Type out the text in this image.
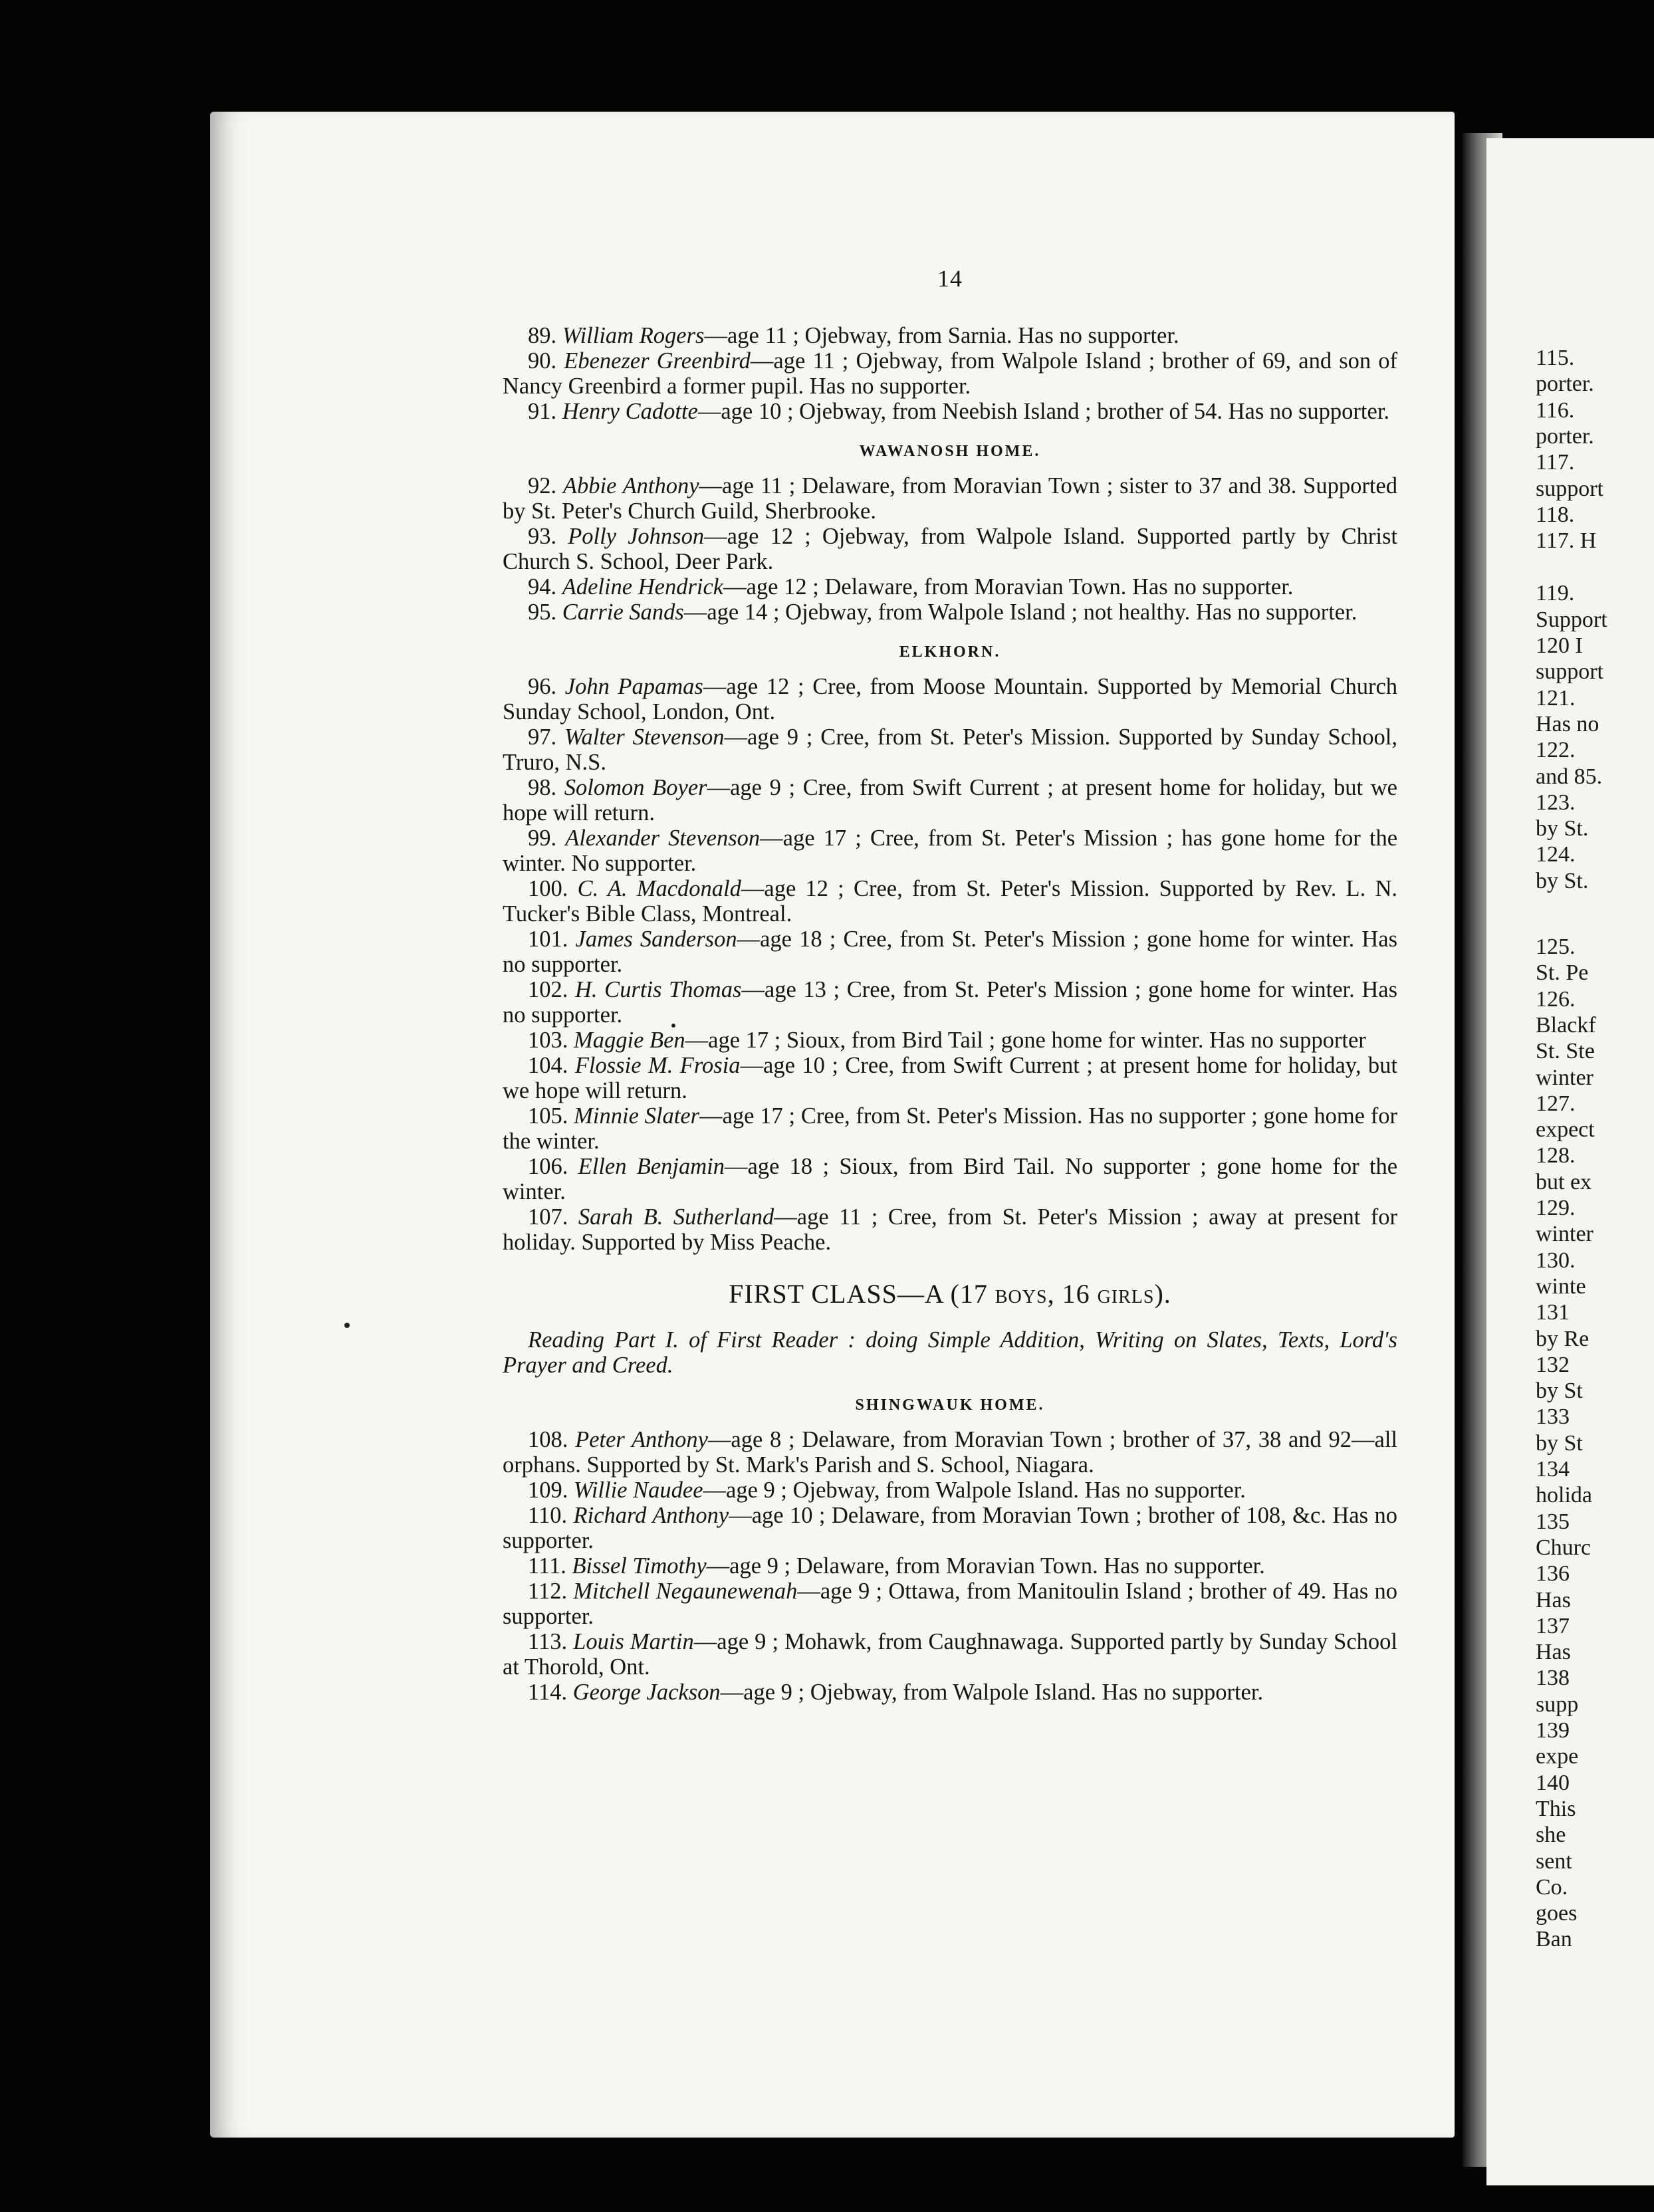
115.
porter.
116.
porter.
117.
support
118.
117. H
119.
Support
120 I
support
121.
Has no
122.
and 85.
123.
by St.
124.
by St.
125.
St. Pe
126.
Blackf
St. Ste
winter
127.
expect
128.
but ex
129.
winter
130.
winte
131
by Re
132
by St
133
by St
134
holida
135
Churc
136
Has
137
Has
138
supp
139
expe
140
This
she
sent
Co.
goes
Ban
14
89. William Rogers—age 11 ; Ojebway, from Sarnia. Has no supporter.
90. Ebenezer Greenbird—age 11 ; Ojebway, from Walpole Island ; brother of 69, and son of Nancy Greenbird a former pupil. Has no supporter.
91. Henry Cadotte—age 10 ; Ojebway, from Neebish Island ; brother of 54. Has no supporter.
WAWANOSH HOME.
92. Abbie Anthony—age 11 ; Delaware, from Moravian Town ; sister to 37 and 38. Supported by St. Peter's Church Guild, Sherbrooke.
93. Polly Johnson—age 12 ; Ojebway, from Walpole Island. Supported partly by Christ Church S. School, Deer Park.
94. Adeline Hendrick—age 12 ; Delaware, from Moravian Town. Has no supporter.
95. Carrie Sands—age 14 ; Ojebway, from Walpole Island ; not healthy. Has no supporter.
ELKHORN.
96. John Papamas—age 12 ; Cree, from Moose Mountain. Supported by Memorial Church Sunday School, London, Ont.
97. Walter Stevenson—age 9 ; Cree, from St. Peter's Mission. Supported by Sunday School, Truro, N.S.
98. Solomon Boyer—age 9 ; Cree, from Swift Current ; at present home for holiday, but we hope will return.
99. Alexander Stevenson—age 17 ; Cree, from St. Peter's Mission ; has gone home for the winter. No supporter.
100. C. A. Macdonald—age 12 ; Cree, from St. Peter's Mission. Supported by Rev. L. N. Tucker's Bible Class, Montreal.
101. James Sanderson—age 18 ; Cree, from St. Peter's Mission ; gone home for winter. Has no supporter.
102. H. Curtis Thomas—age 13 ; Cree, from St. Peter's Mission ; gone home for winter. Has no supporter.
103. Maggie Ben—age 17 ; Sioux, from Bird Tail ; gone home for winter. Has no supporter
104. Flossie M. Frosia—age 10 ; Cree, from Swift Current ; at present home for holiday, but we hope will return.
105. Minnie Slater—age 17 ; Cree, from St. Peter's Mission. Has no supporter ; gone home for the winter.
106. Ellen Benjamin—age 18 ; Sioux, from Bird Tail. No supporter ; gone home for the winter.
107. Sarah B. Sutherland—age 11 ; Cree, from St. Peter's Mission ; away at present for holiday. Supported by Miss Peache.
FIRST CLASS—A (17 BOYS, 16 GIRLS).
Reading Part I. of First Reader : doing Simple Addition, Writing on Slates, Texts, Lord's Prayer and Creed.
SHINGWAUK HOME.
108. Peter Anthony—age 8 ; Delaware, from Moravian Town ; brother of 37, 38 and 92—all orphans. Supported by St. Mark's Parish and S. School, Niagara.
109. Willie Naudee—age 9 ; Ojebway, from Walpole Island. Has no supporter.
110. Richard Anthony—age 10 ; Delaware, from Moravian Town ; brother of 108, &c. Has no supporter.
111. Bissel Timothy—age 9 ; Delaware, from Moravian Town. Has no supporter.
112. Mitchell Negaunewenah—age 9 ; Ottawa, from Manitoulin Island ; brother of 49. Has no supporter.
113. Louis Martin—age 9 ; Mohawk, from Caughnawaga. Supported partly by Sunday School at Thorold, Ont.
114. George Jackson—age 9 ; Ojebway, from Walpole Island. Has no supporter.
